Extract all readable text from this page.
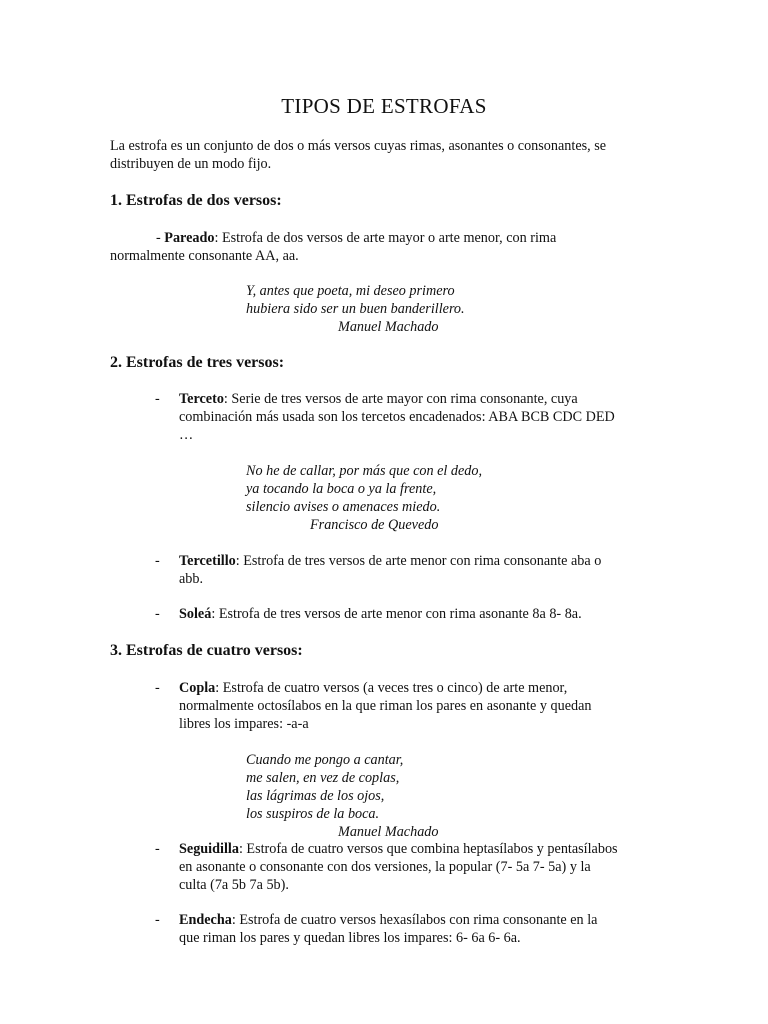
TIPOS DE ESTROFAS
La estrofa es un conjunto de dos o más versos cuyas rimas, asonantes o consonantes, se
distribuyen de un modo fijo.
1. Estrofas de dos versos:
- Pareado: Estrofa de dos versos de arte mayor o arte menor, con rima
normalmente consonante AA, aa.
Y, antes que poeta, mi deseo primero
hubiera sido ser un buen banderillero.
Manuel Machado
2. Estrofas de tres versos:
- Terceto: Serie de tres versos de arte mayor con rima consonante, cuya
combinación más usada son los tercetos encadenados: ABA BCB CDC DED
…
No he de callar, por más que con el dedo,
ya tocando la boca o ya la frente,
silencio avises o amenaces miedo.
Francisco de Quevedo
- Tercetillo: Estrofa de tres versos de arte menor con rima consonante aba o
abb.
- Soleá: Estrofa de tres versos de arte menor con rima asonante 8a 8- 8a.
3. Estrofas de cuatro versos:
- Copla: Estrofa de cuatro versos (a veces tres o cinco) de arte menor,
normalmente octosílabos en la que riman los pares en asonante y quedan
libres los impares: -a-a
Cuando me pongo a cantar,
me salen, en vez de coplas,
las lágrimas de los ojos,
los suspiros de la boca.
Manuel Machado
- Seguidilla: Estrofa de cuatro versos que combina heptasílabos y pentasílabos
en asonante o consonante con dos versiones, la popular (7- 5a 7- 5a) y la
culta (7a 5b 7a 5b).
- Endecha: Estrofa de cuatro versos hexasílabos con rima consonante en la
que riman los pares y quedan libres los impares: 6- 6a 6- 6a.
